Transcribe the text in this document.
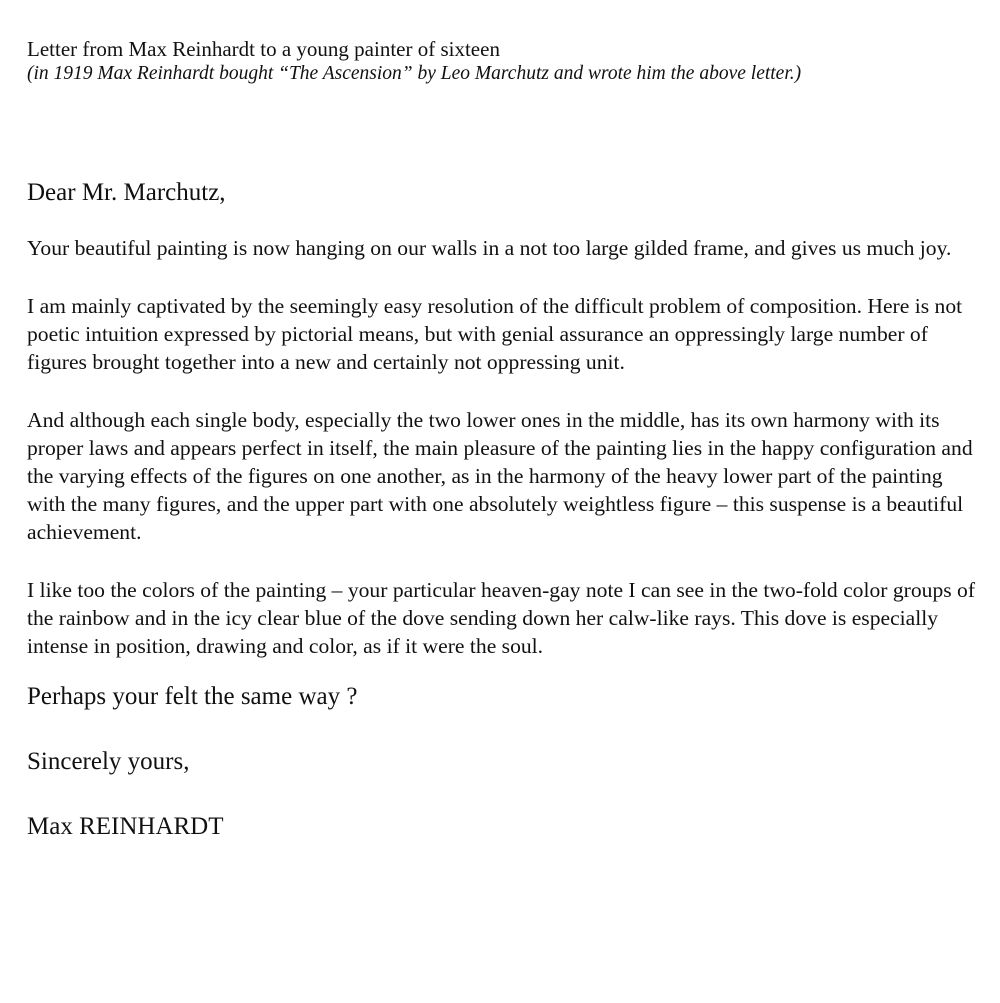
Letter from Max Reinhardt to a young painter of sixteen

(in 1919 Max Reinhardt bought “The Ascension” by Leo Marchutz and wrote him the above letter.)

Dear Mr. Marchutz,

Your beautiful painting is now hanging on our walls in a not too large gilded frame, and gives us much joy.

I am mainly captivated by the seemingly easy resolution of the difficult problem of composition. Here is not poetic intuition expressed by pictorial means, but with genial assurance an oppressingly large number of figures brought together into a new and certainly not oppressing unit.

And although each single body, especially the two lower ones in the middle, has its own harmony with its proper laws and appears perfect in itself, the main pleasure of the painting lies in the happy configuration and the varying effects of the figures on one another, as in the harmony of the heavy lower part of the painting with the many figures, and the upper part with one absolutely weightless figure – this suspense is a beautiful achievement.

I like too the colors of the painting – your particular heaven-gay note I can see in the two-fold color groups of the rainbow and in the icy clear blue of the dove sending down her calw-like rays. This dove is especially intense in position, drawing and color, as if it were the soul.

Perhaps your felt the same way ?

Sincerely yours,

Max REINHARDT
